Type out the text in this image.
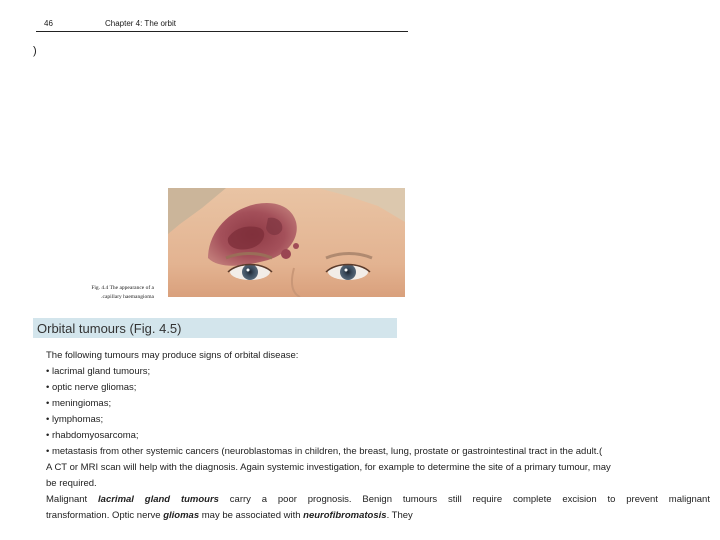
46	Chapter 4: The orbit
)
Fig. 4.4 The appearance of a
.capillary haemangioma
Orbital tumours (Fig. 4.5)

The following tumours may produce signs of orbital disease:

• lacrimal gland tumours;

• optic nerve gliomas;

• meningiomas;

• lymphomas;

• rhabdomyosarcoma;

• metastasis from other systemic cancers (neuroblastomas in children, the breast, lung, prostate or gastrointestinal tract in the adult.(

A CT or MRI scan will help with the diagnosis. Again systemic investigation, for example to determine the site of a primary tumour, may

be required.

Malignant lacrimal gland tumours carry a poor prognosis. Benign tumours still require complete excision to prevent malignant

transformation. Optic nerve gliomas may be associated with neurofibromatosis. They
